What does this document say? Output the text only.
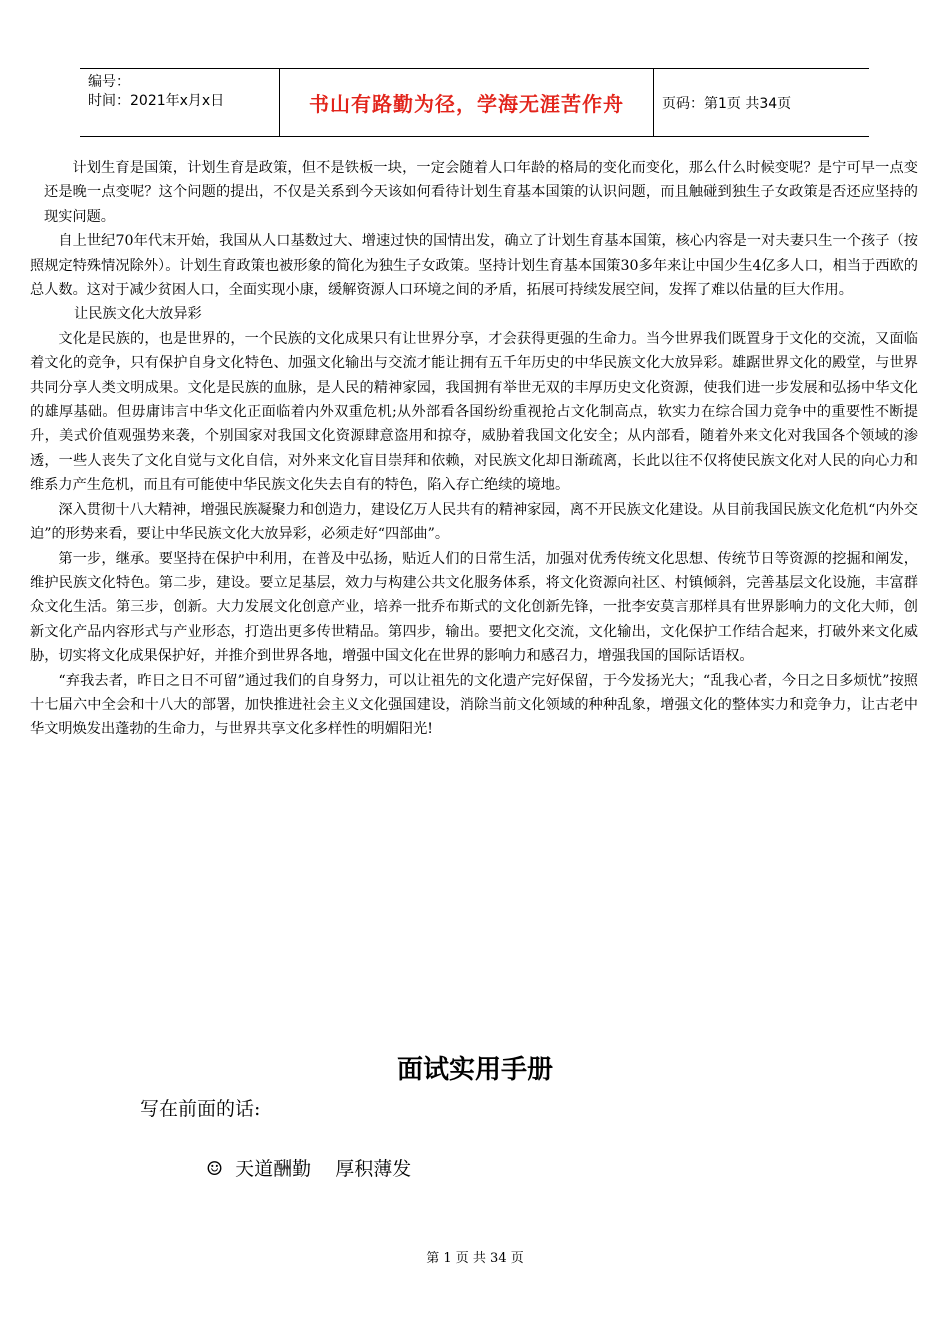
编号：
时间：2021年x月x日	书山有路勤为径，学海无涯苦作舟	页码：第1页 共34页

计划生育是国策，计划生育是政策，但不是铁板一块，一定会随着人口年龄的格局的变化而变化，那么什么时候变呢？是宁可早一点变还是晚一点变呢？这个问题的提出，不仅是关系到今天该如何看待计划生育基本国策的认识问题，而且触碰到独生子女政策是否还应坚持的现实问题。

自上世纪70年代末开始，我国从人口基数过大、增速过快的国情出发，确立了计划生育基本国策，核心内容是一对夫妻只生一个孩子（按照规定特殊情况除外）。计划生育政策也被形象的简化为独生子女政策。坚持计划生育基本国策30多年来让中国少生4亿多人口，相当于西欧的总人数。这对于减少贫困人口，全面实现小康，缓解资源人口环境之间的矛盾，拓展可持续发展空间，发挥了难以估量的巨大作用。

让民族文化大放异彩

文化是民族的，也是世界的，一个民族的文化成果只有让世界分享，才会获得更强的生命力。当今世界我们既置身于文化的交流，又面临着文化的竞争，只有保护自身文化特色、加强文化输出与交流才能让拥有五千年历史的中华民族文化大放异彩。雄踞世界文化的殿堂，与世界共同分享人类文明成果。文化是民族的血脉，是人民的精神家园，我国拥有举世无双的丰厚历史文化资源，使我们进一步发展和弘扬中华文化的雄厚基础。但毋庸讳言中华文化正面临着内外双重危机;从外部看各国纷纷重视抢占文化制高点，软实力在综合国力竞争中的重要性不断提升，美式价值观强势来袭，个别国家对我国文化资源肆意盗用和掠夺，威胁着我国文化安全；从内部看，随着外来文化对我国各个领域的渗透，一些人丧失了文化自觉与文化自信，对外来文化盲目崇拜和依赖，对民族文化却日渐疏离，长此以往不仅将使民族文化对人民的向心力和维系力产生危机，而且有可能使中华民族文化失去自有的特色，陷入存亡绝续的境地。

深入贯彻十八大精神，增强民族凝聚力和创造力，建设亿万人民共有的精神家园，离不开民族文化建设。从目前我国民族文化危机“内外交迫”的形势来看，要让中华民族文化大放异彩，必须走好“四部曲”。

第一步，继承。要坚持在保护中利用，在普及中弘扬，贴近人们的日常生活，加强对优秀传统文化思想、传统节日等资源的挖掘和阐发，维护民族文化特色。第二步，建设。要立足基层，效力与构建公共文化服务体系，将文化资源向社区、村镇倾斜，完善基层文化设施，丰富群众文化生活。第三步，创新。大力发展文化创意产业，培养一批乔布斯式的文化创新先锋，一批李安莫言那样具有世界影响力的文化大师，创新文化产品内容形式与产业形态，打造出更多传世精品。第四步，输出。要把文化交流，文化输出，文化保护工作结合起来，打破外来文化威胁，切实将文化成果保护好，并推介到世界各地，增强中国文化在世界的影响力和感召力，增强我国的国际话语权。

“弃我去者，昨日之日不可留”通过我们的自身努力，可以让祖先的文化遗产完好保留，于今发扬光大；“乱我心者，今日之日多烦忧”按照十七届六中全会和十八大的部署，加快推进社会主义文化强国建设，消除当前文化领域的种种乱象，增强文化的整体实力和竞争力，让古老中华文明焕发出蓬勃的生命力，与世界共享文化多样性的明媚阳光!

面试实用手册
写在前面的话:
☺  天道酬勤    厚积薄发
第 1 页 共 34 页
